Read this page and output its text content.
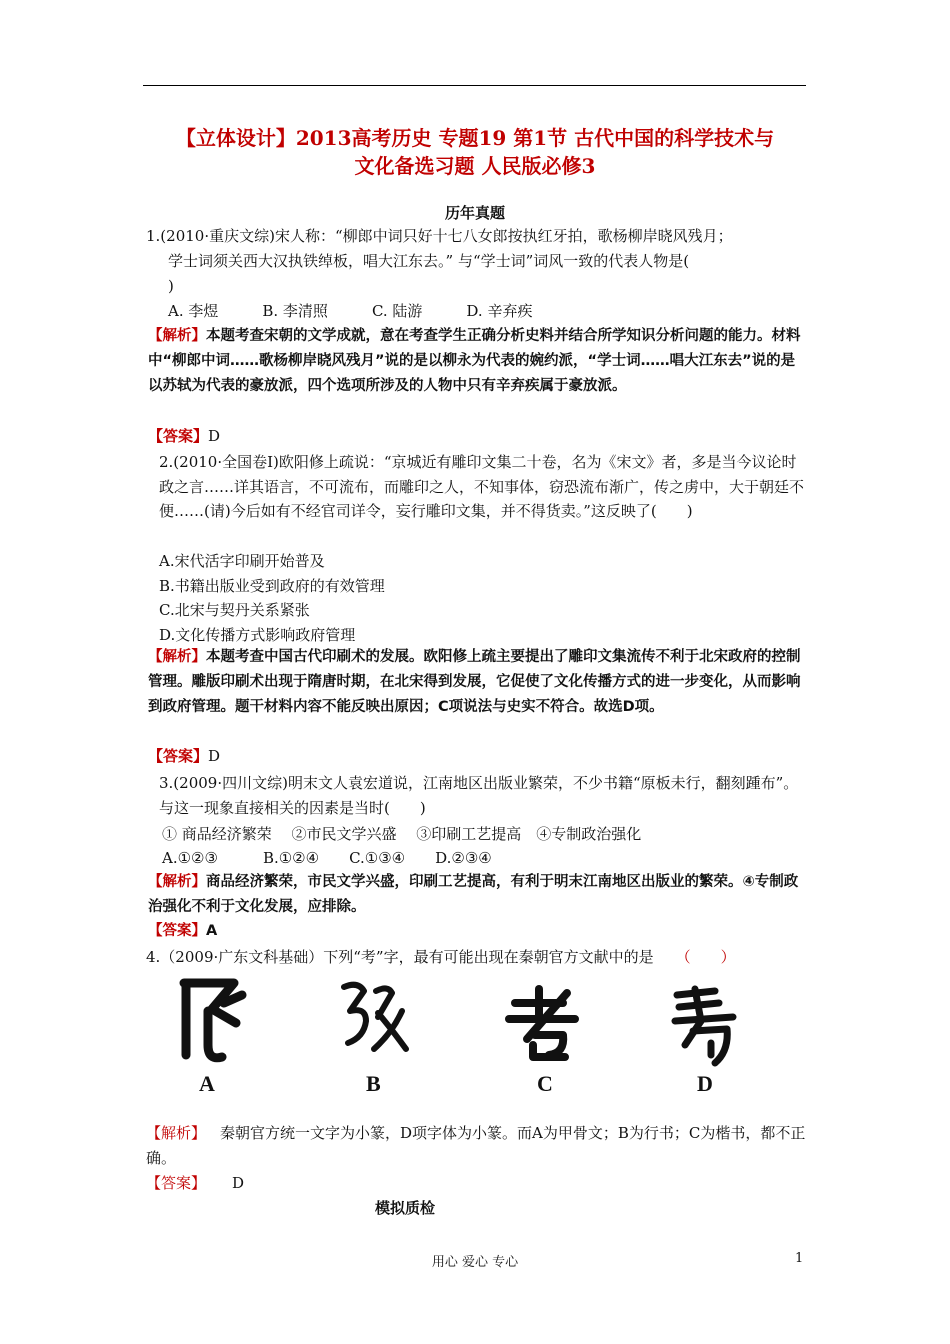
【立体设计】2013高考历史 专题19 第1节 古代中国的科学技术与
文化备选习题 人民版必修3
历年真题
1.(2010·重庆文综)宋人称：“柳郎中词只好十七八女郎按执红牙拍，歌杨柳岸晓风残月；
学士词须关西大汉执铁绰板，唱大江东去。” 与“学士词”词风一致的代表人物是(
)
A. 李煜	B. 李清照	C. 陆游	D. 辛弃疾
【解析】本题考查宋朝的文学成就，意在考查学生正确分析史料并结合所学知识分析问题的能力。材料中“柳郎中词……歌杨柳岸晓风残月”说的是以柳永为代表的婉约派，“学士词……唱大江东去”说的是以苏轼为代表的豪放派，四个选项所涉及的人物中只有辛弃疾属于豪放派。
【答案】D
2.(2010·全国卷Ⅰ)欧阳修上疏说：“京城近有雕印文集二十卷，名为《宋文》者，多是当今议论时政之言……详其语言，不可流布，而雕印之人，不知事体，窃恐流布渐广，传之虏中，大于朝廷不便……(请)今后如有不经官司详令，妄行雕印文集，并不得货卖。”这反映了(　　)
A.宋代活字印刷开始普及
B.书籍出版业受到政府的有效管理
C.北宋与契丹关系紧张
D.文化传播方式影响政府管理
【解析】本题考查中国古代印刷术的发展。欧阳修上疏主要提出了雕印文集流传不利于北宋政府的控制管理。雕版印刷术出现于隋唐时期，在北宋得到发展，它促使了文化传播方式的进一步变化，从而影响到政府管理。题干材料内容不能反映出原因；C项说法与史实不符合。故选D项。
【答案】D
3.(2009·四川文综)明末文人袁宏道说，江南地区出版业繁荣，不少书籍“原板未行，翻刻踵布”。与这一现象直接相关的因素是当时(　　)
① 商品经济繁荣　 ②市民文学兴盛　 ③印刷工艺提高　④专制政治强化
A.①②③　　　B.①②④　　C.①③④　　D.②③④
【解析】商品经济繁荣，市民文学兴盛，印刷工艺提高，有利于明末江南地区出版业的繁荣。④专制政治强化不利于文化发展，应排除。
【答案】A
4.（2009·广东文科基础）下列“考”字，最有可能出现在秦朝官方文献中的是 （　　）
A	B	C	D
【解析】 秦朝官方统一文字为小篆，D项字体为小篆。而A为甲骨文；B为行书；C为楷书，都不正确。
【答案】 D
模拟质检
用心 爱心 专心	1
